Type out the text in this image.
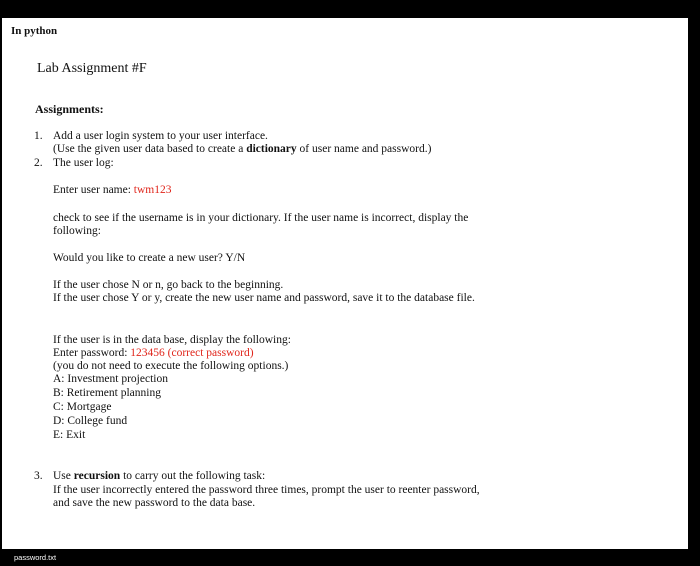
In python
Lab Assignment #F
Assignments:
1. Add a user login system to your user interface.
(Use the given user data based to create a dictionary of user name and password.)
2. The user log:
Enter user name: twm123
check to see if the username is in your dictionary. If the user name is incorrect, display the
following:
Would you like to create a new user? Y/N
If the user chose N or n, go back to the beginning.
If the user chose Y or y, create the new user name and password, save it to the database file.
If the user is in the data base, display the following:
Enter password: 123456 (correct password)
(you do not need to execute the following options.)
A: Investment projection
B: Retirement planning
C: Mortgage
D: College fund
E: Exit
3. Use recursion to carry out the following task:
If the user incorrectly entered the password three times, prompt the user to reenter password,
and save the new password to the data base.
password.txt
